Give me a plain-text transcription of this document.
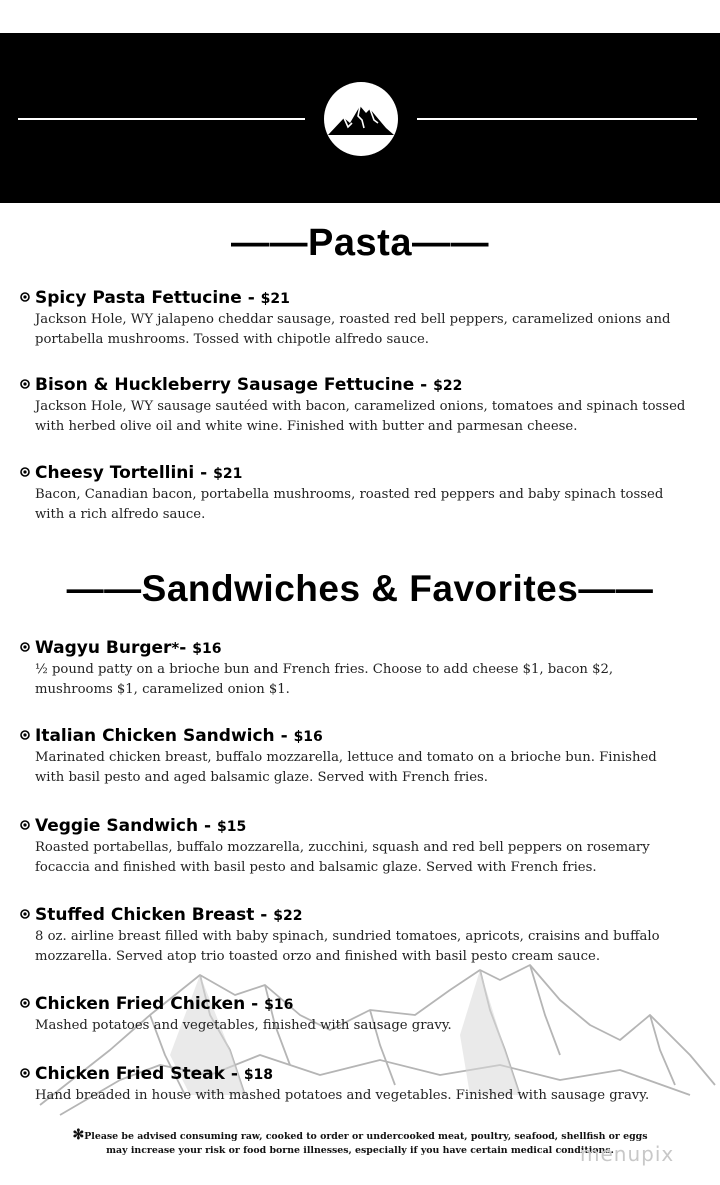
——Pasta——
Spicy Pasta Fettucine - $21
Jackson Hole, WY jalapeno cheddar sausage, roasted red bell peppers, caramelized onions and
portabella mushrooms. Tossed with chipotle alfredo sauce.
Bison & Huckleberry Sausage Fettucine - $22
Jackson Hole, WY sausage sautéed with bacon, caramelized onions, tomatoes and spinach tossed
with herbed olive oil and white wine. Finished with butter and parmesan cheese.
Cheesy Tortellini - $21
Bacon, Canadian bacon, portabella mushrooms, roasted red peppers and baby spinach tossed
with a rich alfredo sauce.
——Sandwiches & Favorites——
Wagyu Burger*- $16
½ pound patty on a brioche bun and French fries. Choose to add cheese $1, bacon $2,
mushrooms $1, caramelized onion $1.
Italian Chicken Sandwich - $16
Marinated chicken breast, buffalo mozzarella, lettuce and tomato on a brioche bun. Finished
with basil pesto and aged balsamic glaze. Served with French fries.
Veggie Sandwich - $15
Roasted portabellas, buffalo mozzarella, zucchini, squash and red bell peppers on rosemary
focaccia and finished with basil pesto and balsamic glaze. Served with French fries.
Stuffed Chicken Breast - $22
8 oz. airline breast filled with baby spinach, sundried tomatoes, apricots, craisins and buffalo
mozzarella. Served atop trio toasted orzo and finished with basil pesto cream sauce.
Chicken Fried Chicken - $16
Mashed potatoes and vegetables, finished with sausage gravy.
Chicken Fried Steak - $18
Hand breaded in house with mashed potatoes and vegetables. Finished with sausage gravy.
✻Please be advised consuming raw, cooked to order or undercooked meat, poultry, seafood, shellfish or eggs
may increase your risk or food borne illnesses, especially if you have certain medical conditions.
menupix
